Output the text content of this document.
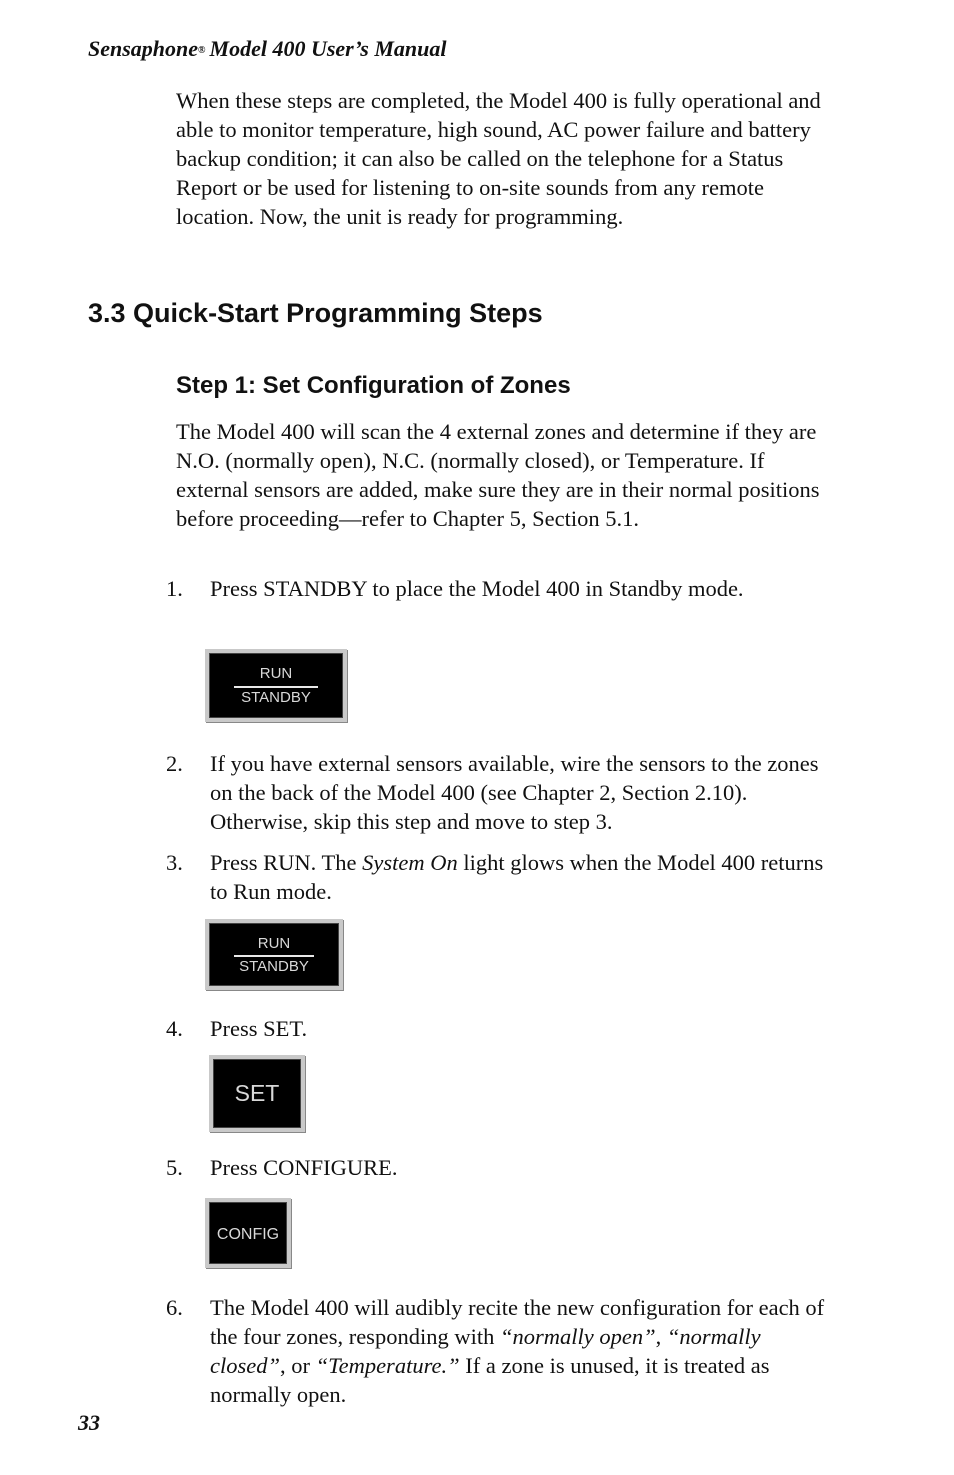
Sensaphone® Model 400 User’s Manual
When these steps are completed, the Model 400 is fully operational and able to monitor temperature, high sound, AC power failure and battery backup condition; it can also be called on the telephone for a Status Report or be used for listening to on-site sounds from any remote location. Now, the unit is ready for programming.
3.3 Quick-Start Programming Steps
Step 1: Set Configuration of Zones
The Model 400 will scan the 4 external zones and determine if they are N.O. (normally open), N.C. (normally closed), or Temperature. If external sensors are added, make sure they are in their normal positions before proceeding—refer to Chapter 5, Section 5.1.
1. Press STANDBY to place the Model 400 in Standby mode.
RUN
STANDBY
2. If you have external sensors available, wire the sensors to the zones on the back of the Model 400 (see Chapter 2, Section 2.10). Otherwise, skip this step and move to step 3.
3. Press RUN. The System On light glows when the Model 400 returns to Run mode.
RUN
STANDBY
4. Press SET.
SET
5. Press CONFIGURE.
CONFIG
6. The Model 400 will audibly recite the new configuration for each of the four zones, responding with “normally open”, “normally closed”, or “Temperature.” If a zone is unused, it is treated as normally open.
33
